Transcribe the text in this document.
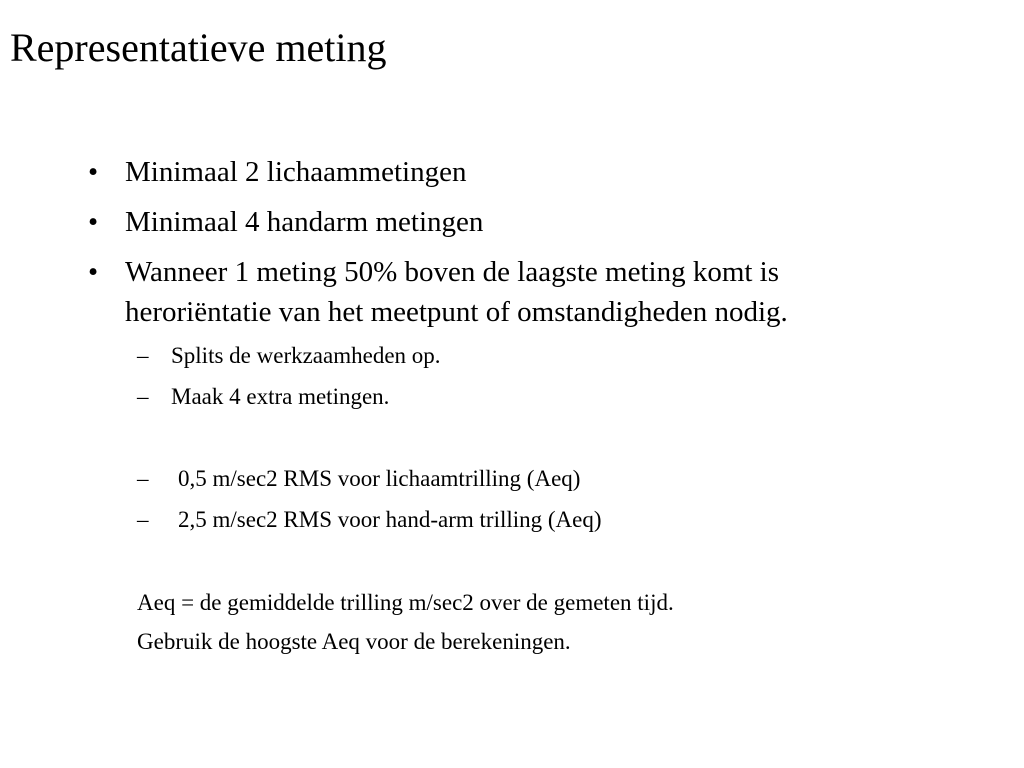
Representatieve meting
• Minimaal 2 lichaammetingen
• Minimaal 4 handarm metingen
• Wanneer 1 meting 50% boven de laagste meting komt is
heroriëntatie van het meetpunt of omstandigheden nodig.
– Splits de werkzaamheden op.
– Maak 4 extra metingen.
– 0,5 m/sec2 RMS voor lichaamtrilling (Aeq)
– 2,5 m/sec2 RMS voor hand-arm trilling (Aeq)
Aeq = de gemiddelde trilling m/sec2 over de gemeten tijd.
Gebruik de hoogste Aeq voor de berekeningen.
